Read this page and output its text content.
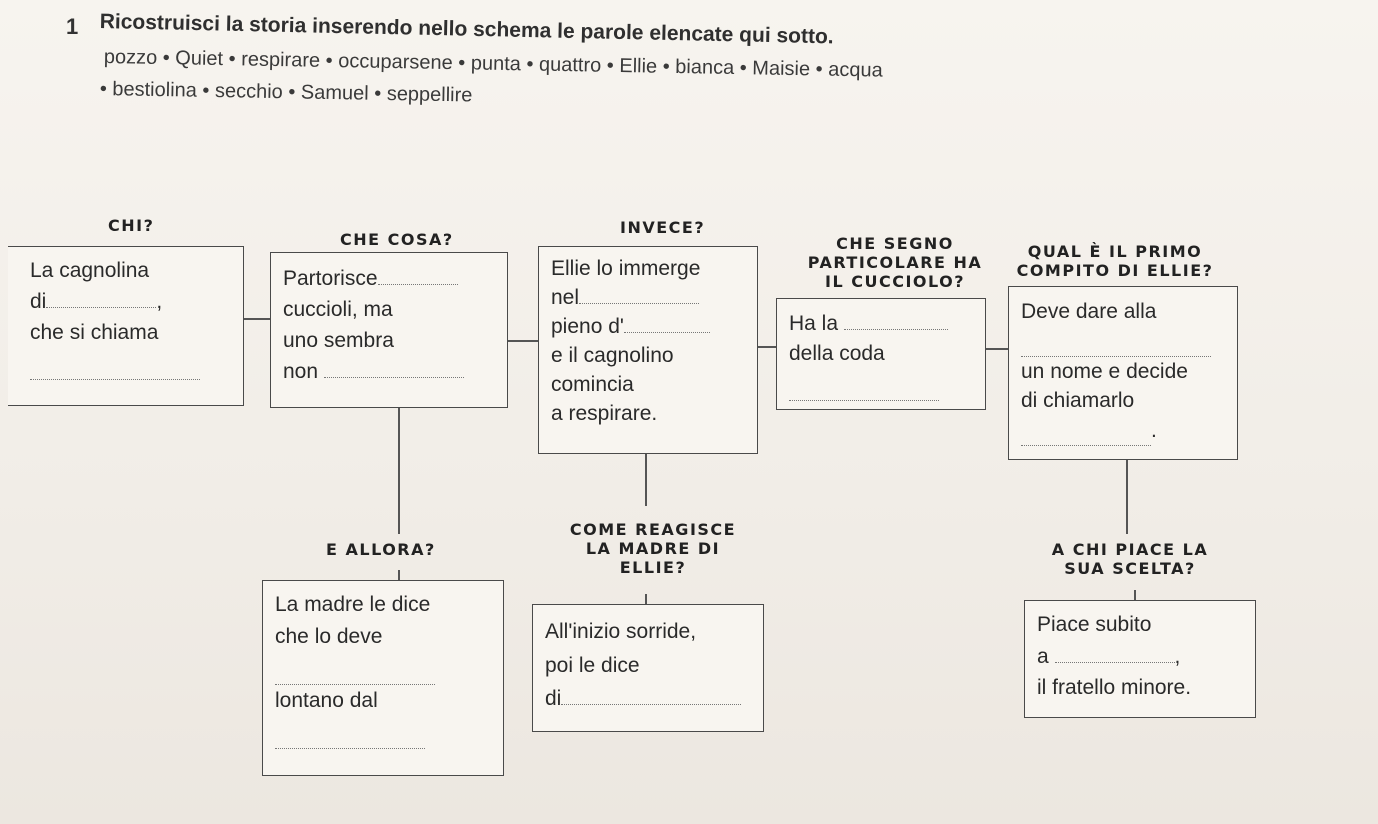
1 Ricostruisci la storia inserendo nello schema le parole elencate qui sotto.
pozzo • Quiet • respirare • occuparsene • punta • quattro • Ellie • bianca • Maisie • acqua
• bestiolina • secchio • Samuel • seppellire
CHI?
CHE COSA?
INVECE?
CHE SEGNO PARTICOLARE HA IL CUCCIOLO?
QUAL È IL PRIMO COMPITO DI ELLIE?
E ALLORA?
COME REAGISCE LA MADRE DI ELLIE?
A CHI PIACE LA SUA SCELTA?
La cagnolina
di	,
che si chiama

Partorisce
cuccioli, ma
uno sembra
non
Ellie lo immerge
nel
pieno d'
e il cagnolino
comincia
a respirare.
Ha la
della coda

Deve dare alla

un nome e decide
di chiamarlo
.
La madre le dice
che lo deve

lontano dal

All'inizio sorride,
poi le dice
di
Piace subito
a	,
il fratello minore.
